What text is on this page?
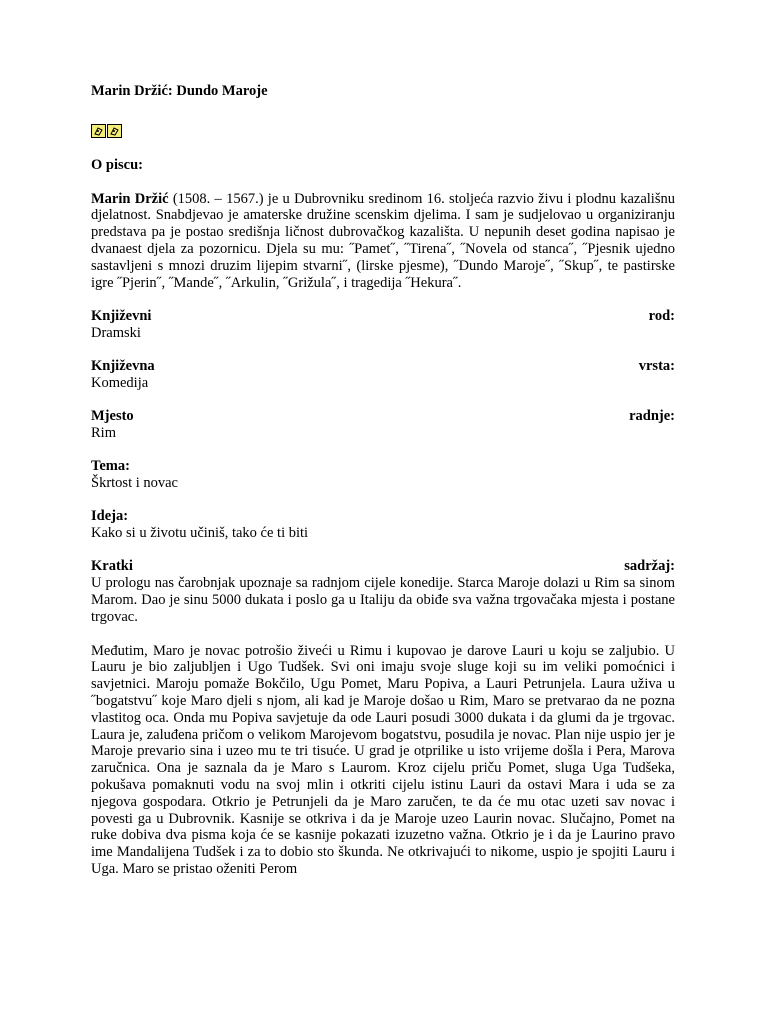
Marin Držić: Dundo Maroje

O piscu:

Marin Držić (1508. – 1567.) je u Dubrovniku sredinom 16. stoljeća razvio živu i plodnu kazališnu djelatnost. Snabdjevao je amaterske družine scenskim djelima. I sam je sudjelovao u organiziranju predstava pa je postao središnja ličnost dubrovačkog kazališta. U nepunih deset godina napisao je dvanaest djela za pozornicu. Djela su mu: ˝Pamet˝, ˝Tirena˝, ˝Novela od stanca˝, ˝Pjesnik ujedno sastavljeni s mnozi druzim lijepim stvarni˝, (lirske pjesme), ˝Dundo Maroje˝, ˝Skup˝, te pastirske igre ˝Pjerin˝, ˝Mande˝, ˝Arkulin, ˝Grižula˝, i tragedija ˝Hekura˝.

Književni	rod:
Dramski
Književna	vrsta:
Komedija
Mjesto	radnje:
Rim
Tema:
Škrtost i novac
Ideja:
Kako si u životu učiniš, tako će ti biti
Kratki	sadržaj:

U prologu nas čarobnjak upoznaje sa radnjom cijele konedije. Starca Maroje dolazi u Rim sa sinom Marom. Dao je sinu 5000 dukata i poslo ga u Italiju da obiđe sva važna trgovačaka mjesta i postane trgovac.

Međutim, Maro je novac potrošio živeći u Rimu i kupovao je darove Lauri u koju se zaljubio. U Lauru je bio zaljubljen i Ugo Tudšek. Svi oni imaju svoje sluge koji su im veliki pomoćnici i savjetnici. Maroju pomaže Bokčilo, Ugu Pomet, Maru Popiva, a Lauri Petrunjela. Laura uživa u ˝bogatstvu˝ koje Maro djeli s njom, ali kad je Maroje došao u Rim, Maro se pretvarao da ne pozna vlastitog oca. Onda mu Popiva savjetuje da ode Lauri posudi 3000 dukata i da glumi da je trgovac. Laura je, zaluđena pričom o velikom Marojevom bogatstvu, posudila je novac. Plan nije uspio jer je Maroje prevario sina i uzeo mu te tri tisuće. U grad je otprilike u isto vrijeme došla i Pera, Marova zaručnica. Ona je saznala da je Maro s Laurom. Kroz cijelu priču Pomet, sluga Uga Tudšeka, pokušava pomaknuti vodu na svoj mlin i otkriti cijelu istinu Lauri da ostavi Mara i uda se za njegova gospodara. Otkrio je Petrunjeli da je Maro zaručen, te da će mu otac uzeti sav novac i povesti ga u Dubrovnik. Kasnije se otkriva i da je Maroje uzeo Laurin novac. Slučajno, Pomet na ruke dobiva dva pisma koja će se kasnije pokazati izuzetno važna. Otkrio je i da je Laurino pravo ime Mandalijena Tudšek i za to dobio sto škunda. Ne otkrivajući to nikome, uspio je spojiti Lauru i Uga. Maro se pristao oženiti Perom
